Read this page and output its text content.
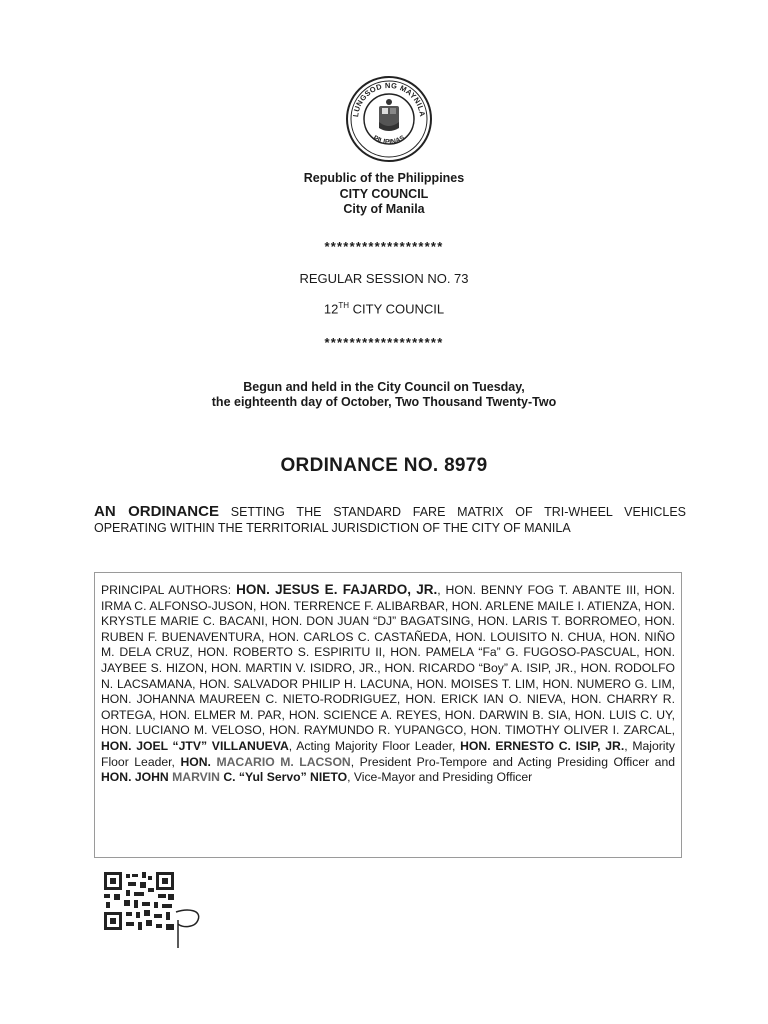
LUNGSOD NG MAYNILA
PILIPINAS
Republic of the Philippines
CITY COUNCIL
City of Manila
*******************
REGULAR SESSION NO. 73
12TH CITY COUNCIL
*******************
Begun and held in the City Council on Tuesday,
the eighteenth day of October, Two Thousand Twenty-Two
ORDINANCE NO. 8979
AN ORDINANCE SETTING THE STANDARD FARE MATRIX OF TRI-WHEEL VEHICLES OPERATING WITHIN THE TERRITORIAL JURISDICTION OF THE CITY OF MANILA
PRINCIPAL AUTHORS: HON. JESUS E. FAJARDO, JR., HON. BENNY FOG T. ABANTE III, HON. IRMA C. ALFONSO-JUSON, HON. TERRENCE F. ALIBARBAR, HON. ARLENE MAILE I. ATIENZA, HON. KRYSTLE MARIE C. BACANI, HON. DON JUAN “DJ” BAGATSING, HON. LARIS T. BORROMEO, HON. RUBEN F. BUENAVENTURA, HON. CARLOS C. CASTAÑEDA, HON. LOUISITO N. CHUA, HON. NIÑO M. DELA CRUZ, HON. ROBERTO S. ESPIRITU II, HON. PAMELA “Fa” G. FUGOSO-PASCUAL, HON. JAYBEE S. HIZON, HON. MARTIN V. ISIDRO, JR., HON. RICARDO “Boy” A. ISIP, JR., HON. RODOLFO N. LACSAMANA, HON. SALVADOR PHILIP H. LACUNA, HON. MOISES T. LIM, HON. NUMERO G. LIM, HON. JOHANNA MAUREEN C. NIETO-RODRIGUEZ, HON. ERICK IAN O. NIEVA, HON. CHARRY R. ORTEGA, HON. ELMER M. PAR, HON. SCIENCE A. REYES, HON. DARWIN B. SIA, HON. LUIS C. UY, HON. LUCIANO M. VELOSO, HON. RAYMUNDO R. YUPANGCO, HON. TIMOTHY OLIVER I. ZARCAL, HON. JOEL “JTV” VILLANUEVA, Acting Majority Floor Leader, HON. ERNESTO C. ISIP, JR., Majority Floor Leader, HON. MACARIO M. LACSON, President Pro-Tempore and Acting Presiding Officer and HON. JOHN MARVIN C. “Yul Servo” NIETO, Vice-Mayor and Presiding Officer
